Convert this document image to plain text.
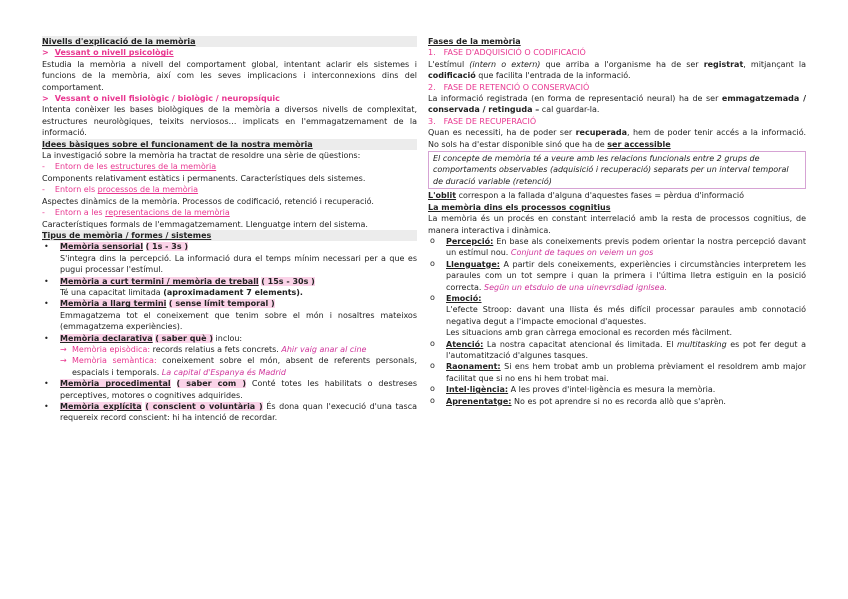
Nivells d'explicació de la memòria

> Vessant o nivell psicològic

Estudia la memòria a nivell del comportament global, intentant aclarir els sistemes i funcions de la memòria, així com les seves implicacions i interconnexions dins del comportament.

> Vessant o nivell fisiològic / biològic / neuropsíquic

Intenta conèixer les bases biològiques de la memòria a diversos nivells de complexitat, estructures neurològiques, teixits nerviosos… implicats en l'emmagatzemament de la informació.

Idees bàsiques sobre el funcionament de la nostra memòria

La investigació sobre la memòria ha tractat de resoldre una sèrie de qüestions:

- Entorn de les estructures de la memòria

Components relativament estàtics i permanents. Característiques dels sistemes.

- Entorn els processos de la memòria

Aspectes dinàmics de la memòria. Processos de codificació, retenció i recuperació.

- Entorn a les representacions de la memòria

Característiques formals de l'emmagatzemament. Llenguatge intern del sistema.

Tipus de memòria / formes / sistemes

• Memòria sensorial ( 1s - 3s )

S'integra dins la percepció. La informació dura el temps mínim necessari per a que es pugui processar l'estímul.

• Memòria a curt termini / memòria de treball ( 15s - 30s )

Té una capacitat limitada (aproximadament 7 elements).

• Memòria a llarg termini ( sense límit temporal )

Emmagatzema tot el coneixement que tenim sobre el món i nosaltres mateixos (emmagatzema experiències).

• Memòria declarativa ( saber què ) inclou:
→ Memòria episòdica: records relatius a fets concrets. Ahir vaig anar al cine

→ Memòria semàntica: coneixement sobre el món, absent de referents personals, espacials i temporals. La capital d'Espanya és Madrid

• Memòria procedimental ( saber com ) Conté totes les habilitats o destreses perceptives, motores o cognitives adquirides.

• Memòria explícita ( conscient o voluntària ) És dona quan l'execució d'una tasca requereix record conscient: hi ha intenció de recordar.

Fases de la memòria

1. FASE D'ADQUISICIÓ O CODIFICACIÓ

L'estímul (intern o extern) que arriba a l'organisme ha de ser registrat, mitjançant la codificació que facilita l'entrada de la informació.

2. FASE DE RETENCIÓ O CONSERVACIÓ

La informació registrada (en forma de representació neural) ha de ser emmagatzemada / conservada / retinguda – cal guardar-la.

3. FASE DE RECUPERACIÓ

Quan es necessiti, ha de poder ser recuperada, hem de poder tenir accés a la informació. No sols ha d'estar disponible sinó que ha de ser accessible

El concepte de memòria té a veure amb les relacions funcionals entre 2 grups de comportaments observables (adquisició i recuperació) separats per un interval temporal de duració variable (retenció)

L'oblit correspon a la fallada d'alguna d'aquestes fases = pèrdua d'informació

La memòria dins els processos cognitius

La memòria és un procés en constant interrelació amb la resta de processos cognitius, de manera interactiva i dinàmica.

o Percepció: En base als coneixements previs podem orientar la nostra percepció davant un estímul nou. Conjunt de taques on veiem un gos

o Llenguatge: A partir dels coneixements, experiències i circumstàncies interpretem les paraules com un tot sempre i quan la primera i l'última lletra estiguin en la posició correcta. Segün un etsduio de una uinevrsdiad ignlsea.

o Emoció:

L'efecte Stroop: davant una llista és més difícil processar paraules amb connotació negativa degut a l'impacte emocional d'aquestes.

Les situacions amb gran càrrega emocional es recorden més fàcilment.

o Atenció: La nostra capacitat atencional és limitada. El multitasking es pot fer degut a l'automatització d'algunes tasques.

o Raonament: Si ens hem trobat amb un problema prèviament el resoldrem amb major facilitat que si no ens hi hem trobat mai.

o Intel·ligència: A les proves d'intel·ligència es mesura la memòria.

o Aprenentatge: No es pot aprendre si no es recorda allò que s'aprèn.
